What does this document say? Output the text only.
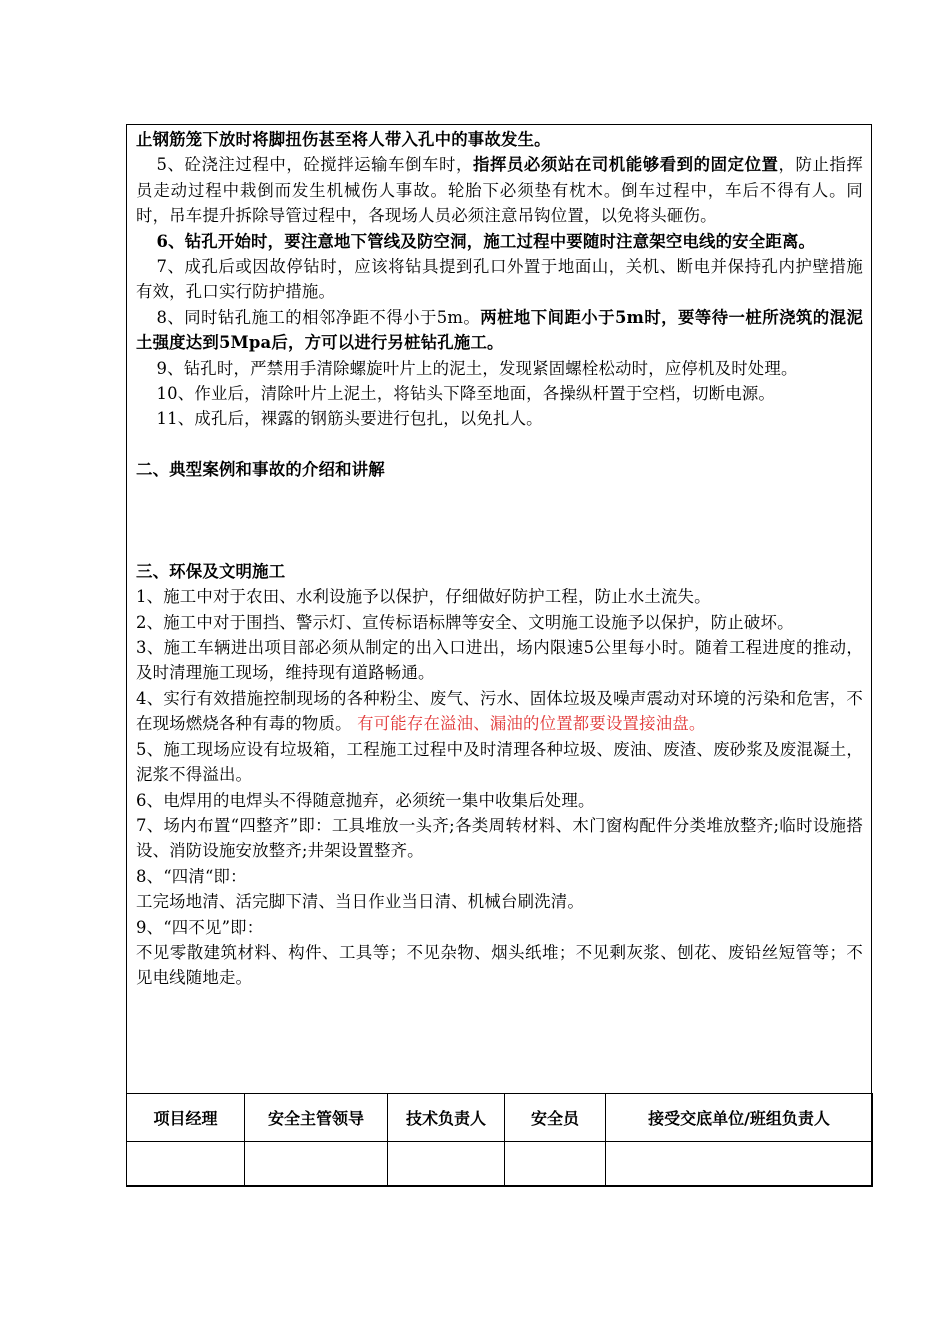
止钢筋笼下放时将脚扭伤甚至将人带入孔中的事故发生。

5、砼浇注过程中，砼搅拌运输车倒车时，指挥员必须站在司机能够看到的固定位置，防止指挥员走动过程中栽倒而发生机械伤人事故。轮胎下必须垫有枕木。倒车过程中，车后不得有人。同时，吊车提升拆除导管过程中，各现场人员必须注意吊钩位置，以免将头砸伤。

6、钻孔开始时，要注意地下管线及防空洞，施工过程中要随时注意架空电线的安全距离。

7、成孔后或因故停钻时，应该将钻具提到孔口外置于地面山，关机、断电并保持孔内护壁措施有效，孔口实行防护措施。

8、同时钻孔施工的相邻净距不得小于5m。两桩地下间距小于5m时，要等待一桩所浇筑的混泥土强度达到5Mpa后，方可以进行另桩钻孔施工。

9、钻孔时，严禁用手清除螺旋叶片上的泥土，发现紧固螺栓松动时，应停机及时处理。

10、作业后，清除叶片上泥土，将钻头下降至地面，各操纵杆置于空档，切断电源。

11、成孔后，裸露的钢筋头要进行包扎，以免扎人。

二、典型案例和事故的介绍和讲解

三、环保及文明施工

1、施工中对于农田、水利设施予以保护，仔细做好防护工程，防止水土流失。

2、施工中对于围挡、警示灯、宣传标语标牌等安全、文明施工设施予以保护，防止破坏。

3、施工车辆进出项目部必须从制定的出入口进出，场内限速5公里每小时。随着工程进度的推动，及时清理施工现场，维持现有道路畅通。

4、实行有效措施控制现场的各种粉尘、废气、污水、固体垃圾及噪声震动对环境的污染和危害，不在现场燃烧各种有毒的物质。 有可能存在溢油、漏油的位置都要设置接油盘。

5、施工现场应设有垃圾箱，工程施工过程中及时清理各种垃圾、废油、废渣、废砂浆及废混凝土，泥浆不得溢出。

6、电焊用的电焊头不得随意抛弃，必须统一集中收集后处理。

7、场内布置“四整齐”即：工具堆放一头齐;各类周转材料、木门窗构配件分类堆放整齐;临时设施搭设、消防设施安放整齐;井架设置整齐。

8、“四清“即：

工完场地清、活完脚下清、当日作业当日清、机械台刷洗清。

9、“四不见”即：

不见零散建筑材料、构件、工具等；不见杂物、烟头纸堆；不见剩灰浆、刨花、废铅丝短管等；不见电线随地走。

项目经理	安全主管领导	技术负责人	安全员	接受交底单位/班组负责人
